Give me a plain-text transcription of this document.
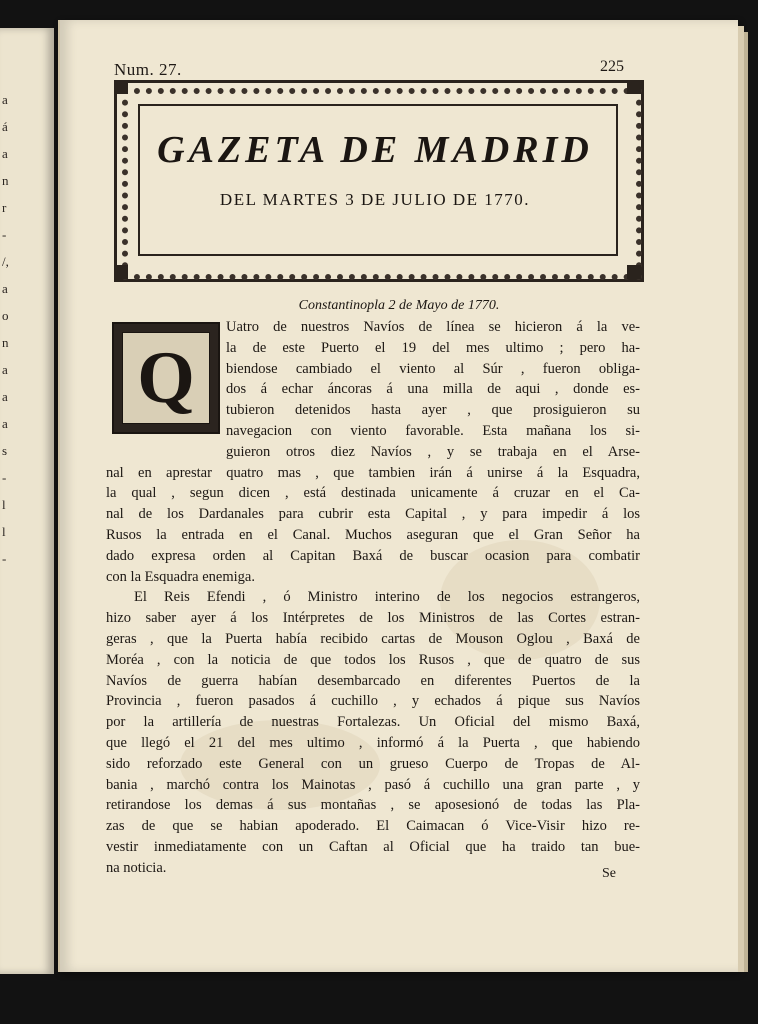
a
á
a
n
r
-
/,
a
o
n
a
a
a
s
-
l
l
-
Num. 27.	225
GAZETA DE MADRID
DEL MARTES 3 DE JULIO DE 1770.
Constantinopla 2 de Mayo de 1770.
Q
Uatro de nuestros Navíos de línea se hicieron á la ve-
la de este Puerto el 19 del mes ultimo ; pero ha-
biendose cambiado el viento al Súr , fueron obliga-
dos á echar áncoras á una milla de aqui , donde es-
tubieron detenidos hasta ayer , que prosiguieron su
navegacion con viento favorable. Esta mañana los si-
guieron otros diez Navíos , y se trabaja en el Arse-
nal en aprestar quatro mas , que tambien irán á unirse á la Esquadra,
la qual , segun dicen , está destinada unicamente á cruzar en el Ca-
nal de los Dardanales para cubrir esta Capital , y para impedir á los
Rusos la entrada en el Canal. Muchos aseguran que el Gran Señor ha
dado expresa orden al Capitan Baxá de buscar ocasion para combatir
con la Esquadra enemiga.
El Reis Efendi , ó Ministro interino de los negocios estrangeros,
hizo saber ayer á los Intérpretes de los Ministros de las Cortes estran-
geras , que la Puerta había recibido cartas de Mouson Oglou , Baxá de
Moréa , con la noticia de que todos los Rusos , que de quatro de sus
Navíos de guerra habían desembarcado en diferentes Puertos de la
Provincia , fueron pasados á cuchillo , y echados á pique sus Navíos
por la artillería de nuestras Fortalezas. Un Oficial del mismo Baxá,
que llegó el 21 del mes ultimo , informó á la Puerta , que habiendo
sido reforzado este General con un grueso Cuerpo de Tropas de Al-
bania , marchó contra los Mainotas , pasó á cuchillo una gran parte , y
retirandose los demas á sus montañas , se aposesionó de todas las Pla-
zas de que se habian apoderado. El Caimacan ó Vice-Visir hizo re-
vestir inmediatamente con un Caftan al Oficial que ha traido tan bue-
na noticia.	Se
